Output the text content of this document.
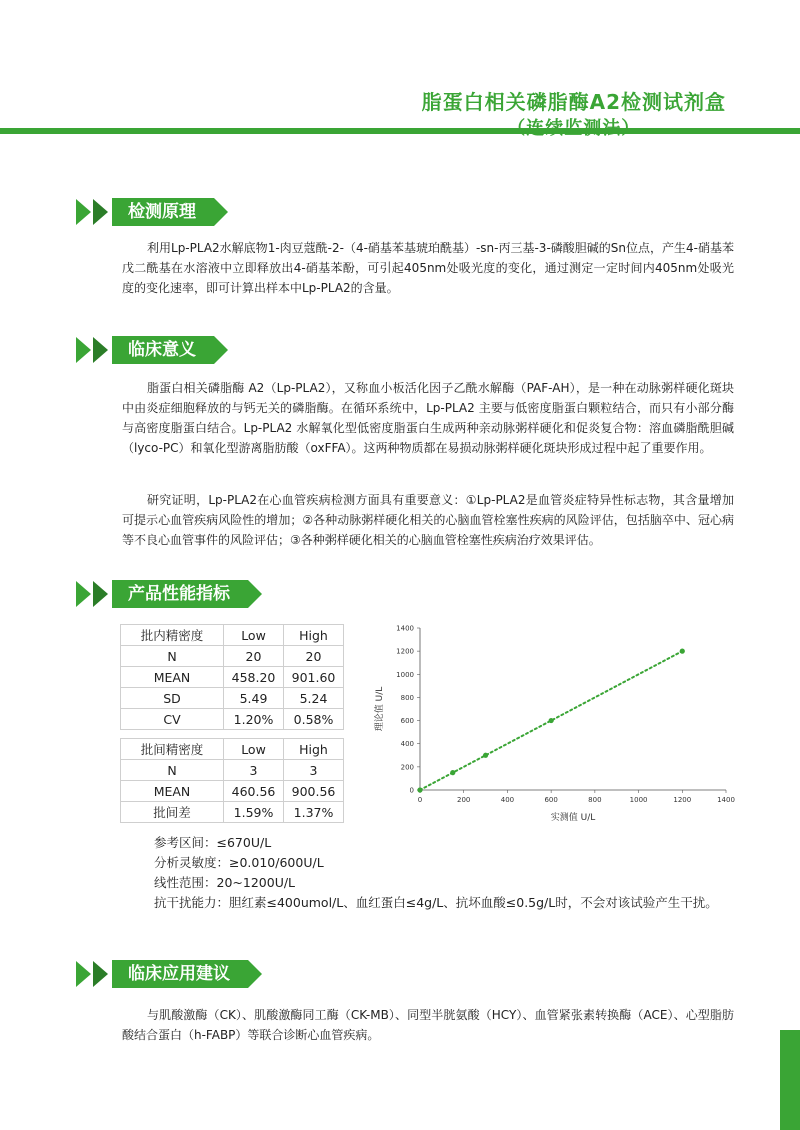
脂蛋白相关磷脂酶A2检测试剂盒
（连续监测法）
检测原理
利用Lp-PLA2水解底物1-肉豆蔻酰-2-（4-硝基苯基琥珀酰基）-sn-丙三基-3-磷酸胆碱的Sn位点，产生4-硝基苯戊二酰基在水溶液中立即释放出4-硝基苯酚，可引起405nm处吸光度的变化，通过测定一定时间内405nm处吸光度的变化速率，即可计算出样本中Lp-PLA2的含量。
临床意义
脂蛋白相关磷脂酶 A2（Lp-PLA2），又称血小板活化因子乙酰水解酶（PAF-AH），是一种在动脉粥样硬化斑块中由炎症细胞释放的与钙无关的磷脂酶。在循环系统中，Lp-PLA2 主要与低密度脂蛋白颗粒结合，而只有小部分酶与高密度脂蛋白结合。Lp-PLA2 水解氧化型低密度脂蛋白生成两种亲动脉粥样硬化和促炎复合物：溶血磷脂酰胆碱（lyco-PC）和氧化型游离脂肪酸（oxFFA）。这两种物质都在易损动脉粥样硬化斑块形成过程中起了重要作用。
研究证明，Lp-PLA2在心血管疾病检测方面具有重要意义：①Lp-PLA2是血管炎症特异性标志物，其含量增加可提示心血管疾病风险性的增加；②各种动脉粥样硬化相关的心脑血管栓塞性疾病的风险评估，包括脑卒中、冠心病等不良心血管事件的风险评估；③各种粥样硬化相关的心脑血管栓塞性疾病治疗效果评估。
产品性能指标
批内精密度	Low	High
N	20	20
MEAN	458.20	901.60
SD	5.49	5.24
CV	1.20%	0.58%
批间精密度	Low	High
N	3	3
MEAN	460.56	900.56
批间差	1.59%	1.37%
0	200	400	600	800	1000	1200	1400
0
200
400
600
800
1000
1200
1400
实测值 U/L
理论值 U/L
参考区间：≤670U/L
分析灵敏度：≥0.010/600U/L
线性范围：20~1200U/L
抗干扰能力：胆红素≤400umol/L、血红蛋白≤4g/L、抗坏血酸≤0.5g/L时，不会对该试验产生干扰。
临床应用建议
与肌酸激酶（CK）、肌酸激酶同工酶（CK-MB）、同型半胱氨酸（HCY）、血管紧张素转换酶（ACE）、心型脂肪酸结合蛋白（h-FABP）等联合诊断心血管疾病。
